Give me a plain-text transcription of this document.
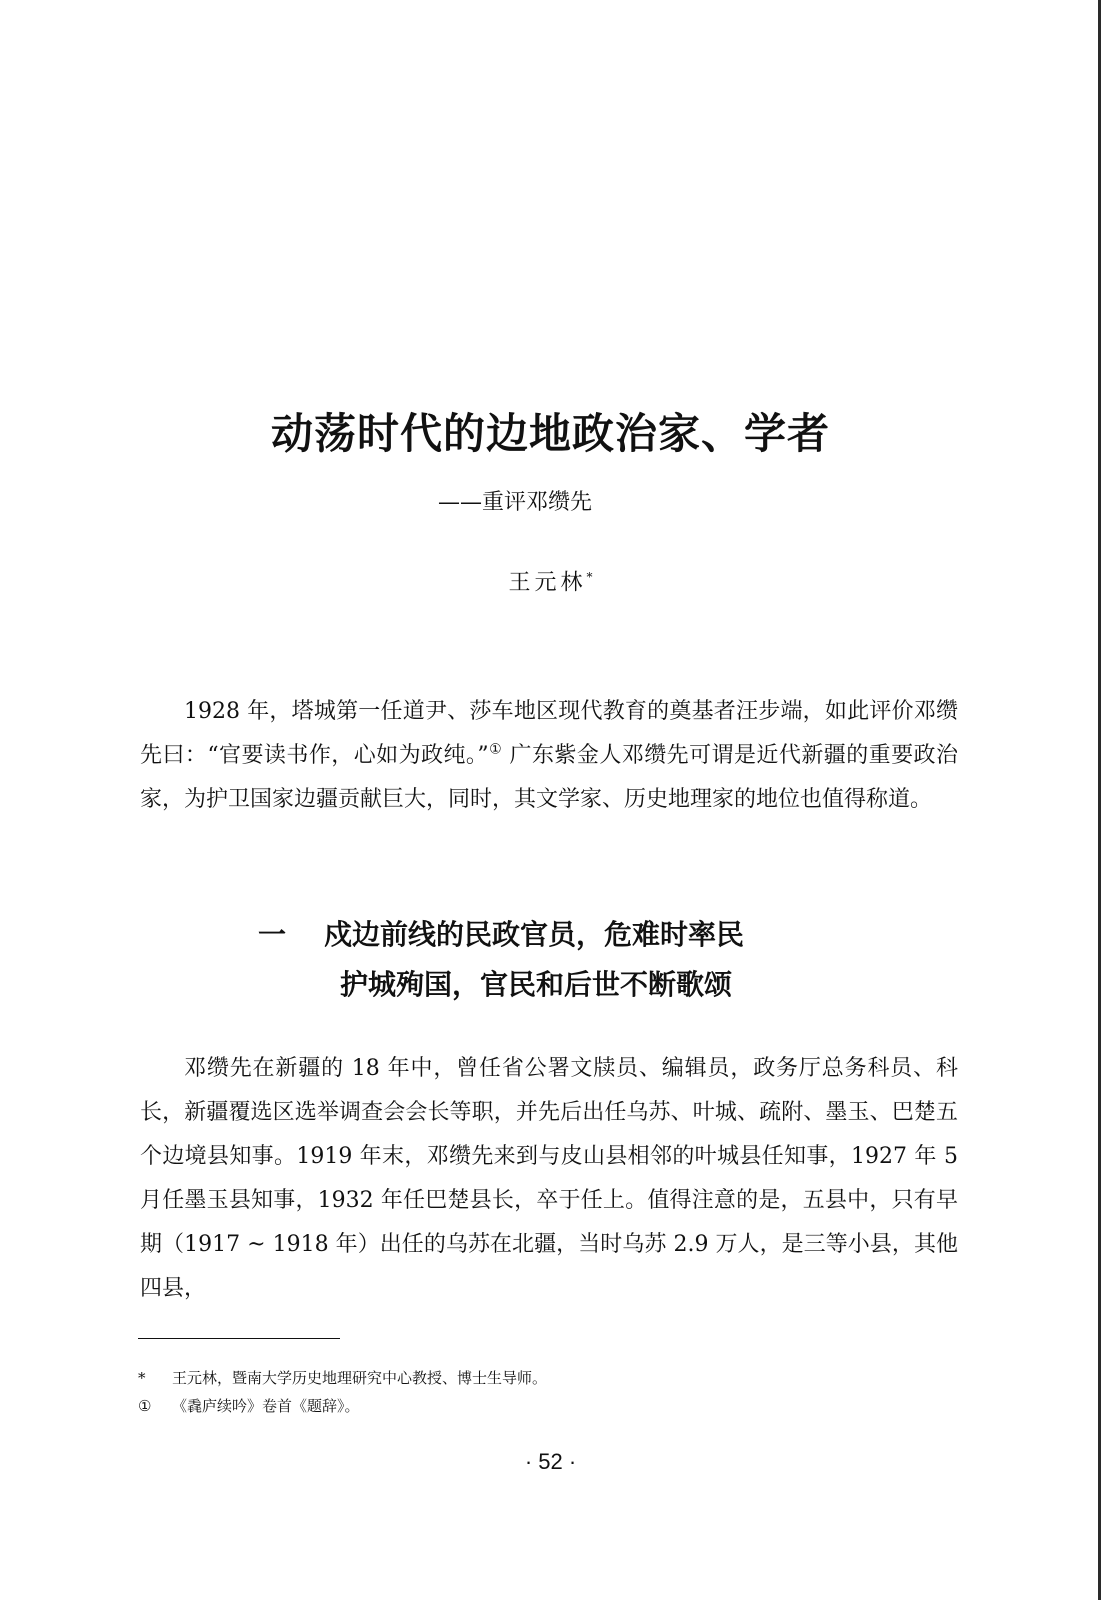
动荡时代的边地政治家、学者

——重评邓缵先

王元林*

1928 年，塔城第一任道尹、莎车地区现代教育的奠基者汪步端，如此评价邓缵先曰：“官要读书作，心如为政纯。”① 广东紫金人邓缵先可谓是近代新疆的重要政治家，为护卫国家边疆贡献巨大，同时，其文学家、历史地理家的地位也值得称道。

一 戍边前线的民政官员，危难时率民
护城殉国，官民和后世不断歌颂

邓缵先在新疆的 18 年中，曾任省公署文牍员、编辑员，政务厅总务科员、科长，新疆覆选区选举调查会会长等职，并先后出任乌苏、叶城、疏附、墨玉、巴楚五个边境县知事。1919 年末，邓缵先来到与皮山县相邻的叶城县任知事，1927 年 5 月任墨玉县知事，1932 年任巴楚县长，卒于任上。值得注意的是，五县中，只有早期（1917 ~ 1918 年）出任的乌苏在北疆，当时乌苏 2.9 万人，是三等小县，其他四县，

* 王元林，暨南大学历史地理研究中心教授、博士生导师。

① 《毳庐续吟》卷首《题辞》。

· 52 ·
